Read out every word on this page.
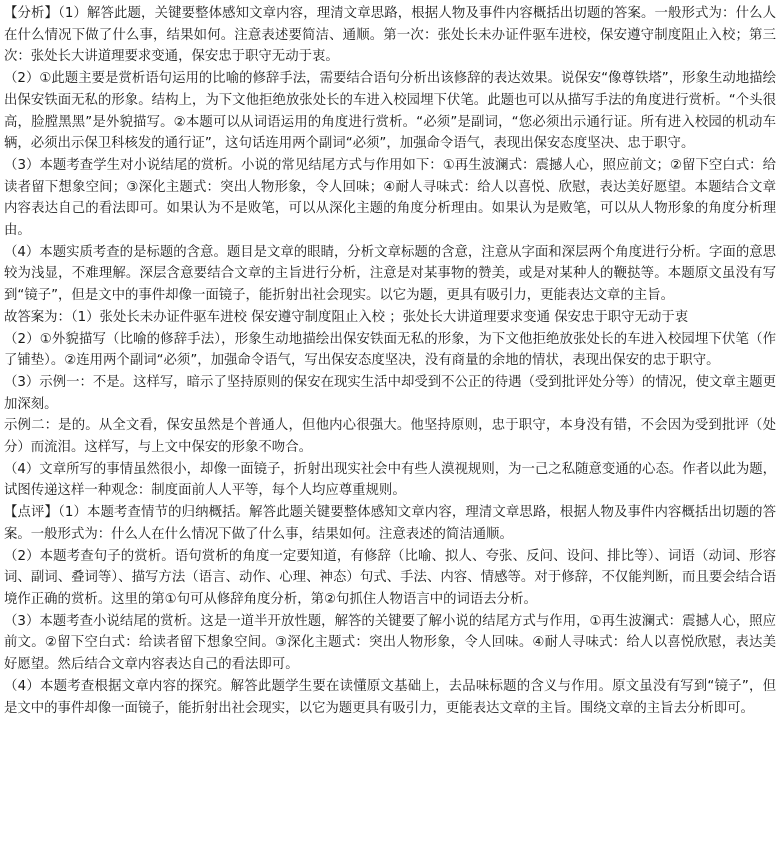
【分析】（1）解答此题，关键要整体感知文章内容，理清文章思路，根据人物及事件内容概括出切题的答案。一般形式为：什么人在什么情况下做了什么事，结果如何。注意表述要简洁、通顺。第一次：张处长未办证件驱车进校，保安遵守制度阻止入校；第三次：张处长大讲道理要求变通，保安忠于职守无动于衷。

（2）①此题主要是赏析语句运用的比喻的修辞手法，需要结合语句分析出该修辞的表达效果。说保安“像尊铁塔”，形象生动地描绘出保安铁面无私的形象。结构上，为下文他拒绝放张处长的车进入校园埋下伏笔。此题也可以从描写手法的角度进行赏析。“个头很高，脸膛黑黑”是外貌描写。②本题可以从词语运用的角度进行赏析。“必须”是副词，“您必须出示通行证。所有进入校园的机动车辆，必须出示保卫科核发的通行证”，这句话连用两个副词“必须”，加强命令语气，表现出保安态度坚决、忠于职守。

（3）本题考查学生对小说结尾的赏析。小说的常见结尾方式与作用如下：①再生波澜式：震撼人心，照应前文；②留下空白式：给读者留下想象空间；③深化主题式：突出人物形象，令人回味；④耐人寻味式：给人以喜悦、欣慰，表达美好愿望。本题结合文章内容表达自己的看法即可。如果认为不是败笔，可以从深化主题的角度分析理由。如果认为是败笔，可以从人物形象的角度分析理由。

（4）本题实质考查的是标题的含意。题目是文章的眼睛，分析文章标题的含意，注意从字面和深层两个角度进行分析。字面的意思较为浅显，不难理解。深层含意要结合文章的主旨进行分析，注意是对某事物的赞美，或是对某种人的鞭挞等。本题原文虽没有写到“镜子”，但是文中的事件却像一面镜子，能折射出社会现实。以它为题，更具有吸引力，更能表达文章的主旨。

故答案为：（1）张处长未办证件驱车进校 保安遵守制度阻止入校 ；张处长大讲道理要求变通 保安忠于职守无动于衷

（2）①外貌描写（比喻的修辞手法），形象生动地描绘出保安铁面无私的形象，为下文他拒绝放张处长的车进入校园埋下伏笔（作了铺垫）。②连用两个副词“必须”，加强命令语气，写出保安态度坚决，没有商量的余地的情状，表现出保安的忠于职守。

（3）示例一：不是。这样写，暗示了坚持原则的保安在现实生活中却受到不公正的待遇（受到批评处分等）的情况，使文章主题更加深刻。

示例二：是的。从全文看，保安虽然是个普通人，但他内心很强大。他坚持原则，忠于职守，本身没有错，不会因为受到批评（处分）而流泪。这样写，与上文中保安的形象不吻合。

（4）文章所写的事情虽然很小，却像一面镜子，折射出现实社会中有些人漠视规则，为一己之私随意变通的心态。作者以此为题，试图传递这样一种观念：制度面前人人平等，每个人均应尊重规则。

【点评】（1）本题考查情节的归纳概括。解答此题关键要整体感知文章内容，理清文章思路，根据人物及事件内容概括出切题的答案。一般形式为：什么人在什么情况下做了什么事，结果如何。注意表述的简洁通顺。

（2）本题考查句子的赏析。语句赏析的角度一定要知道，有修辞（比喻、拟人、夸张、反问、设问、排比等）、词语（动词、形容词、副词、叠词等）、描写方法（语言、动作、心理、神态）句式、手法、内容、情感等。对于修辞，不仅能判断，而且要会结合语境作正确的赏析。这里的第①句可从修辞角度分析，第②句抓住人物语言中的词语去分析。

（3）本题考查小说结尾的赏析。这是一道半开放性题，解答的关键要了解小说的结尾方式与作用，①再生波澜式：震撼人心，照应前文。②留下空白式：给读者留下想象空间。③深化主题式：突出人物形象，令人回味。④耐人寻味式：给人以喜悦欣慰，表达美好愿望。然后结合文章内容表达自己的看法即可。

（4）本题考查根据文章内容的探究。解答此题学生要在读懂原文基础上，去品味标题的含义与作用。原文虽没有写到“镜子”，但是文中的事件却像一面镜子，能折射出社会现实，以它为题更具有吸引力，更能表达文章的主旨。围绕文章的主旨去分析即可。
